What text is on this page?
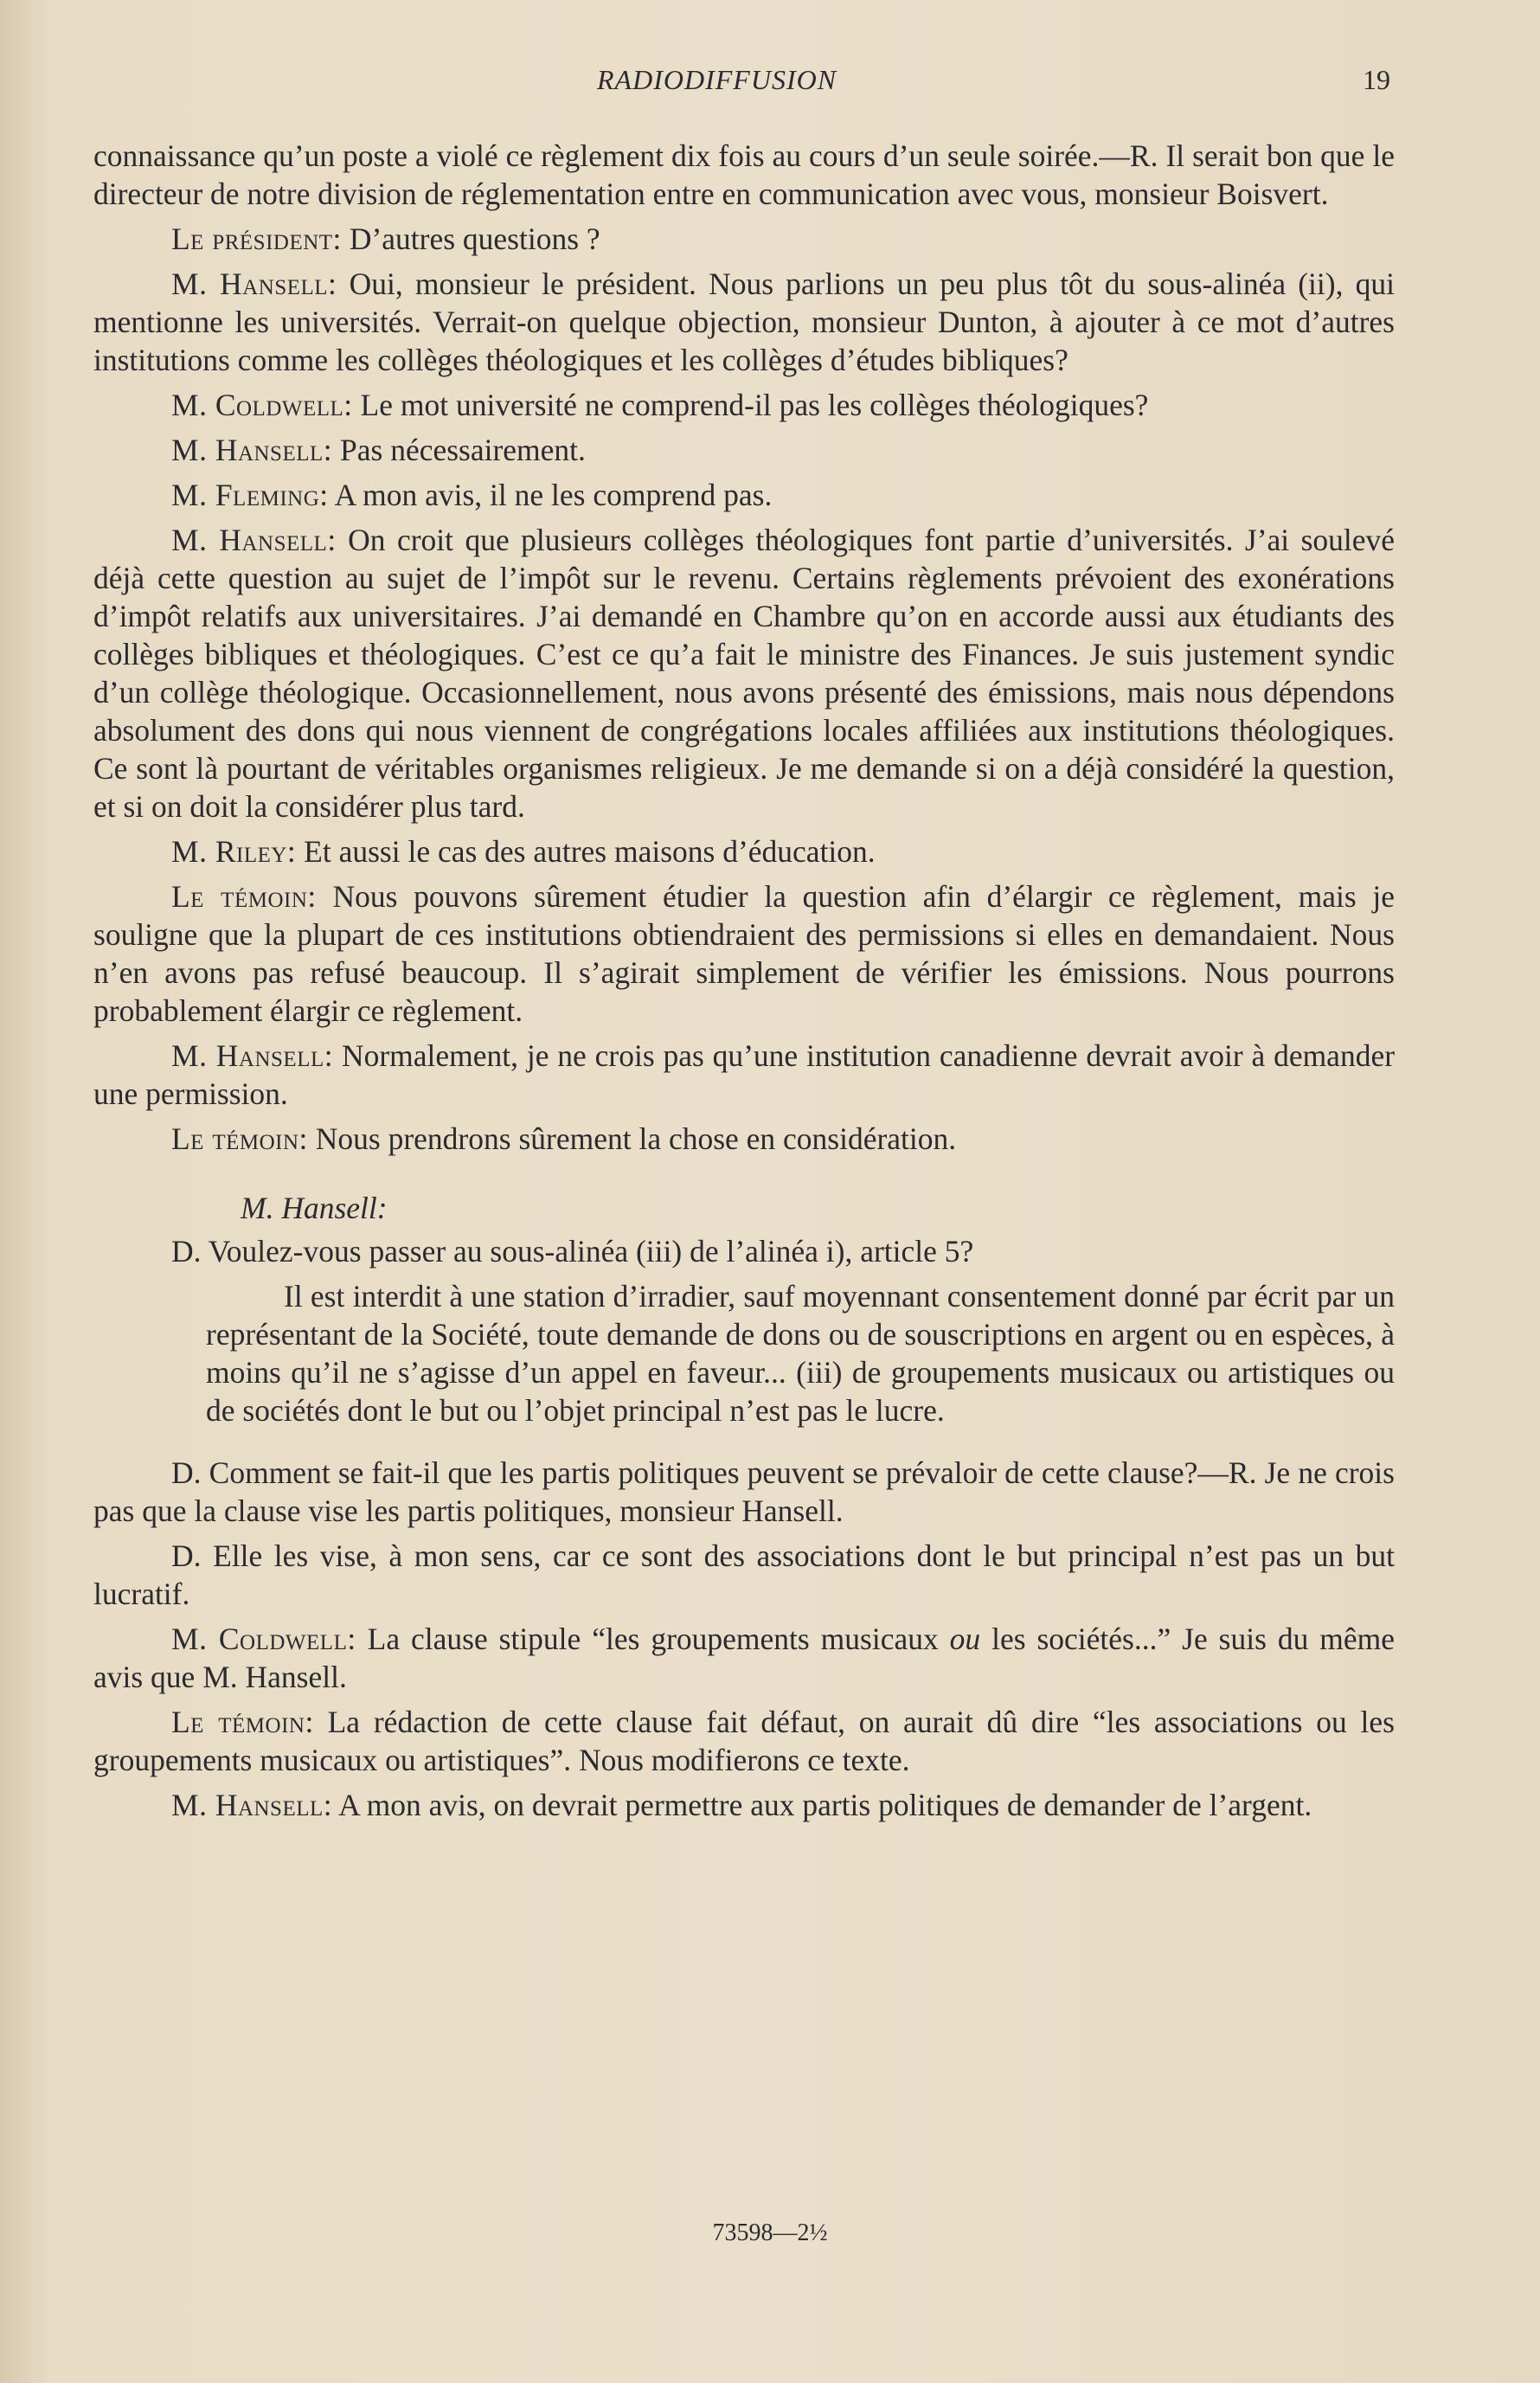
RADIODIFFUSION	19

connaissance qu’un poste a violé ce règlement dix fois au cours d’un seule soirée.—R. Il serait bon que le directeur de notre division de réglementation entre en communication avec vous, monsieur Boisvert.

Le président: D’autres questions ?

M. Hansell: Oui, monsieur le président. Nous parlions un peu plus tôt du sous-alinéa (ii), qui mentionne les universités. Verrait-on quelque objection, monsieur Dunton, à ajouter à ce mot d’autres institutions comme les collèges théologiques et les collèges d’études bibliques?

M. Coldwell: Le mot université ne comprend-il pas les collèges théologiques?

M. Hansell: Pas nécessairement.

M. Fleming: A mon avis, il ne les comprend pas.

M. Hansell: On croit que plusieurs collèges théologiques font partie d’universités. J’ai soulevé déjà cette question au sujet de l’impôt sur le revenu. Certains règlements prévoient des exonérations d’impôt relatifs aux universitaires. J’ai demandé en Chambre qu’on en accorde aussi aux étudiants des collèges bibliques et théologiques. C’est ce qu’a fait le ministre des Finances. Je suis justement syndic d’un collège théologique. Occasionnellement, nous avons présenté des émissions, mais nous dépendons absolument des dons qui nous viennent de congrégations locales affiliées aux institutions théologiques. Ce sont là pourtant de véritables organismes religieux. Je me demande si on a déjà considéré la question, et si on doit la considérer plus tard.

M. Riley: Et aussi le cas des autres maisons d’éducation.

Le témoin: Nous pouvons sûrement étudier la question afin d’élargir ce règlement, mais je souligne que la plupart de ces institutions obtiendraient des permissions si elles en demandaient. Nous n’en avons pas refusé beaucoup. Il s’agirait simplement de vérifier les émissions. Nous pourrons probablement élargir ce règlement.

M. Hansell: Normalement, je ne crois pas qu’une institution canadienne devrait avoir à demander une permission.

Le témoin: Nous prendrons sûrement la chose en considération.

M. Hansell:

D. Voulez-vous passer au sous-alinéa (iii) de l’alinéa i), article 5?

Il est interdit à une station d’irradier, sauf moyennant consentement donné par écrit par un représentant de la Société, toute demande de dons ou de souscriptions en argent ou en espèces, à moins qu’il ne s’agisse d’un appel en faveur... (iii) de groupements musicaux ou artistiques ou de sociétés dont le but ou l’objet principal n’est pas le lucre.

D. Comment se fait-il que les partis politiques peuvent se prévaloir de cette clause?—R. Je ne crois pas que la clause vise les partis politiques, monsieur Hansell.

D. Elle les vise, à mon sens, car ce sont des associations dont le but principal n’est pas un but lucratif.

M. Coldwell: La clause stipule “les groupements musicaux ou les sociétés...” Je suis du même avis que M. Hansell.

Le témoin: La rédaction de cette clause fait défaut, on aurait dû dire “les associations ou les groupements musicaux ou artistiques”. Nous modifierons ce texte.

M. Hansell: A mon avis, on devrait permettre aux partis politiques de demander de l’argent.

73598—2½
